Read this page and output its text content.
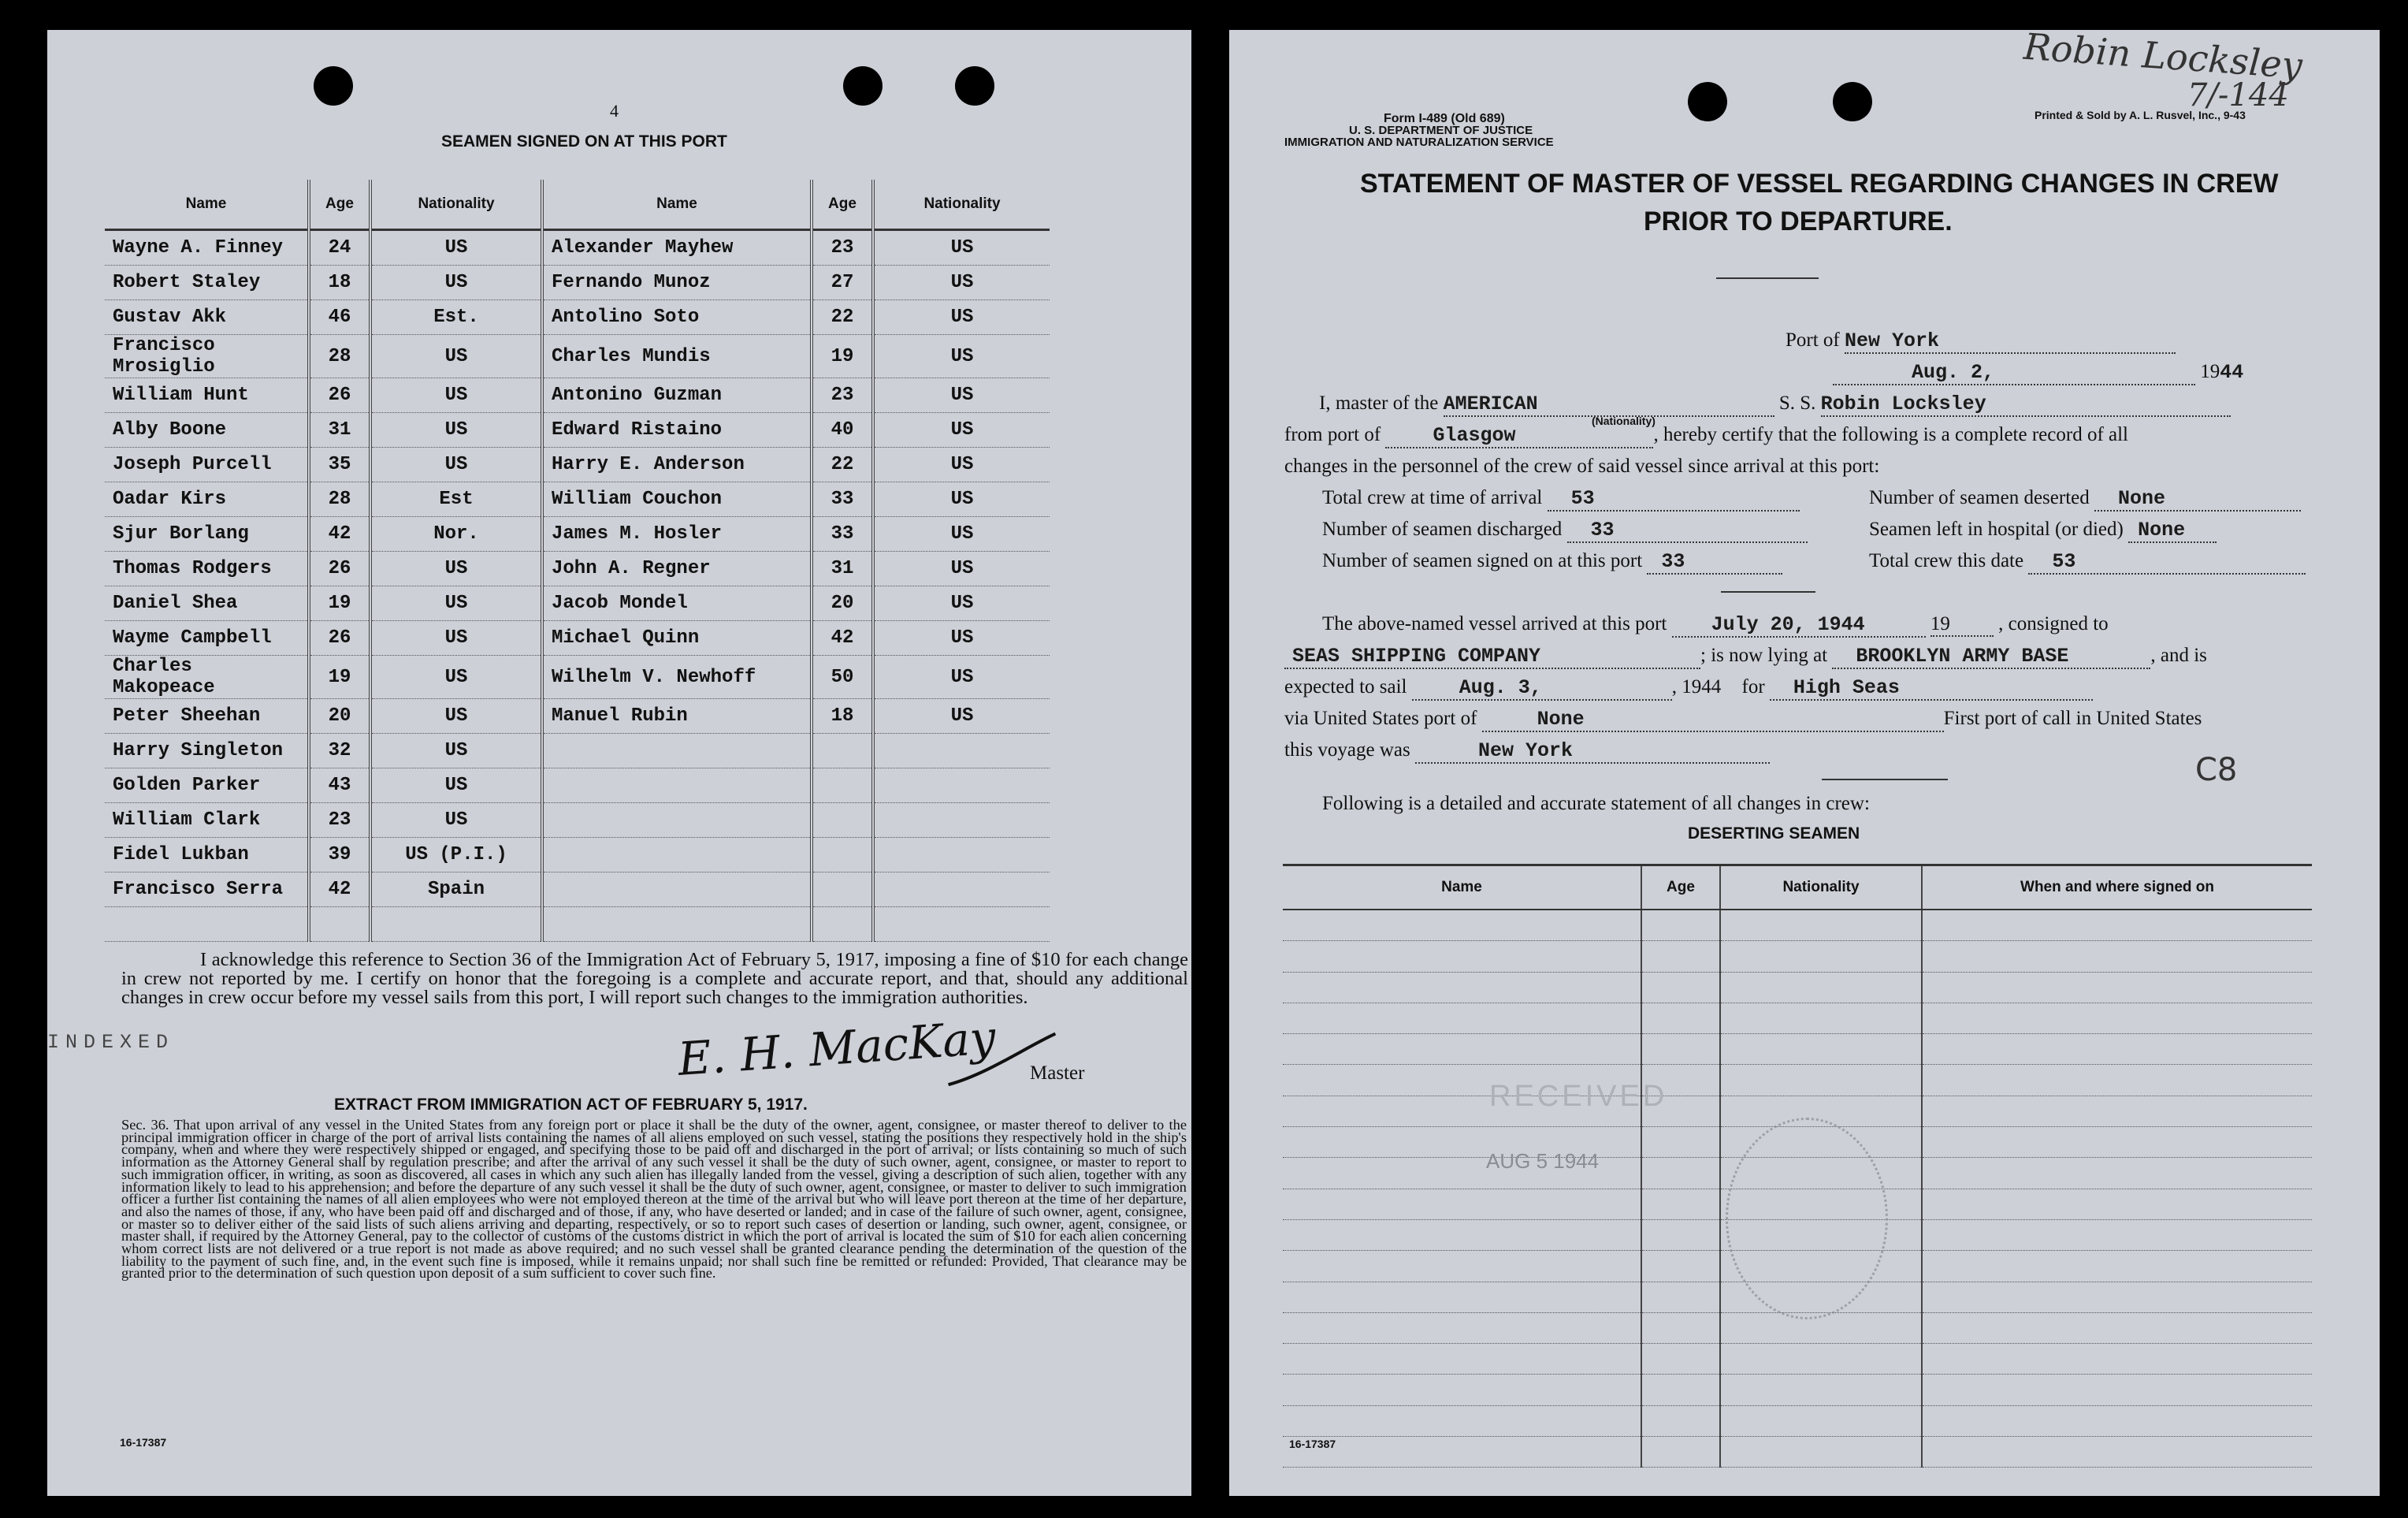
4
SEAMEN SIGNED ON AT THIS PORT
Name	Age	Nationality	Name	Age	Nationality
Wayne A. Finney	24	US	Alexander Mayhew	23	US
Robert Staley	18	US	Fernando Munoz	27	US
Gustav Akk	46	Est.	Antolino Soto	22	US
Francisco Mrosiglio	28	US	Charles Mundis	19	US
William Hunt	26	US	Antonino Guzman	23	US
Alby Boone	31	US	Edward Ristaino	40	US
Joseph Purcell	35	US	Harry E. Anderson	22	US
Oadar Kirs	28	Est	William Couchon	33	US
Sjur Borlang	42	Nor.	James M. Hosler	33	US
Thomas Rodgers	26	US	John A. Regner	31	US
Daniel Shea	19	US	Jacob Mondel	20	US
Wayme Campbell	26	US	Michael Quinn	42	US
Charles Makopeace	19	US	Wilhelm V. Newhoff	50	US
Peter Sheehan	20	US	Manuel Rubin	18	US
Harry Singleton	32	US			
Golden Parker	43	US			
William Clark	23	US			
Fidel Lukban	39	US (P.I.)			
Francisco Serra	42	Spain			

I acknowledge this reference to Section 36 of the Immigration Act of February 5, 1917, imposing a fine of $10 for each change in crew not reported by me. I certify on honor that the foregoing is a complete and accurate report, and that, should any additional changes in crew occur before my vessel sails from this port, I will report such changes to the immigration authorities.
INDEXED	E. H. MacKay Master
EXTRACT FROM IMMIGRATION ACT OF FEBRUARY 5, 1917.
Sec. 36. That upon arrival of any vessel in the United States from any foreign port or place it shall be the duty of the owner, agent, consignee, or master thereof to deliver to the principal immigration officer in charge of the port of arrival lists containing the names of all aliens employed on such vessel, stating the positions they respectively hold in the ship's company, when and where they were respectively shipped or engaged, and specifying those to be paid off and discharged in the port of arrival; or lists containing so much of such information as the Attorney General shall by regulation prescribe; and after the arrival of any such vessel it shall be the duty of such owner, agent, consignee, or master to report to such immigration officer, in writing, as soon as discovered, all cases in which any such alien has illegally landed from the vessel, giving a description of such alien, together with any information likely to lead to his apprehension; and before the departure of any such vessel it shall be the duty of such owner, agent, consignee, or master to deliver to such immigration officer a further list containing the names of all alien employees who were not employed thereon at the time of the arrival but who will leave port thereon at the time of her departure, and also the names of those, if any, who have been paid off and discharged and of those, if any, who have deserted or landed; and in case of the failure of such owner, agent, consignee, or master so to deliver either of the said lists of such aliens arriving and departing, respectively, or so to report such cases of desertion or landing, such owner, agent, consignee, or master shall, if required by the Attorney General, pay to the collector of customs of the customs district in which the port of arrival is located the sum of $10 for each alien concerning whom correct lists are not delivered or a true report is not made as above required; and no such vessel shall be granted clearance pending the determination of the question of the liability to the payment of such fine, and, in the event such fine is imposed, while it remains unpaid; nor shall such fine be remitted or refunded: Provided, That clearance may be granted prior to the determination of such question upon deposit of a sum sufficient to cover such fine.
16-17387
Form I-489 (Old 689)
U. S. DEPARTMENT OF JUSTICE
IMMIGRATION AND NATURALIZATION SERVICE
Printed & Sold by A. L. Rusvel, Inc., 9-43
Robin Locksley
7/-144
STATEMENT OF MASTER OF VESSEL REGARDING CHANGES IN CREW
PRIOR TO DEPARTURE.
Port of New York
Aug. 2,	1944
I, master of the AMERICAN	S. S. Robin Locksley
(Nationality)
from port of	Glasgow	, hereby certify that the following is a complete record of all
changes in the personnel of the crew of said vessel since arrival at this port:
Total crew at time of arrival 53	Number of seamen deserted None
Number of seamen discharged 33	Seamen left in hospital (or died) None
Number of seamen signed on at this port 33	Total crew this date 53
The above-named vessel arrived at this port July 20, 1944	19 , consigned to
SEAS SHIPPING COMPANY	; is now lying at BROOKLYN ARMY BASE	, and is
expected to sail	Aug. 3,	, 1944 for High Seas
via United States port of	None	First port of call in United States
this voyage was	New York
C8
Following is a detailed and accurate statement of all changes in crew:
DESERTING SEAMEN
Name	Age	Nationality	When and where signed on

RECEIVED
AUG 5 1944
16-17387
